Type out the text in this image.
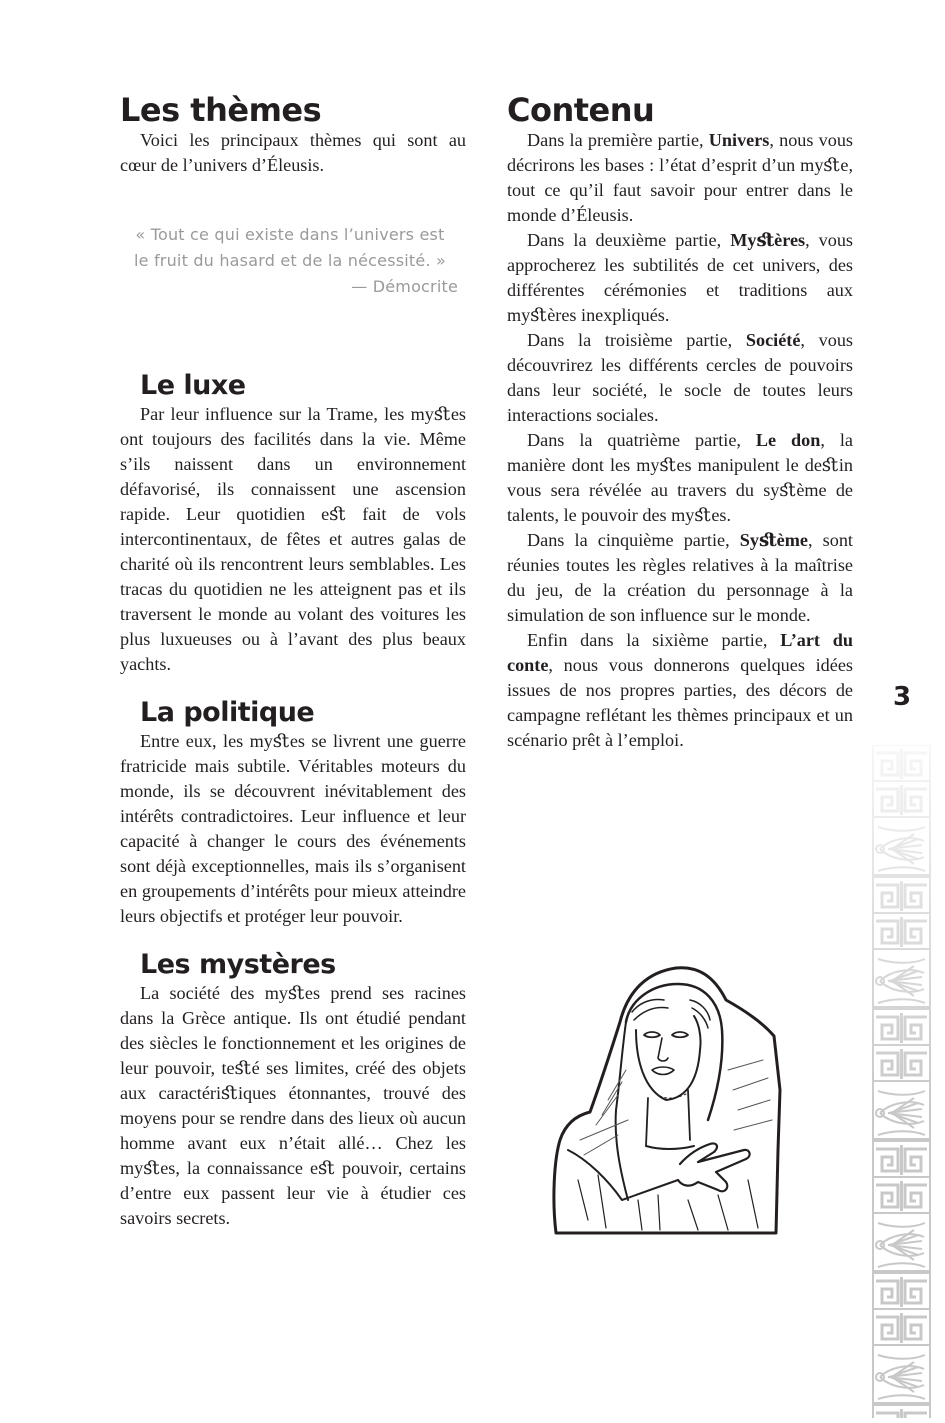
Les thèmes

Voici les principaux thèmes qui sont au cœur de l’univers d’Éleusis.

« Tout ce qui existe dans l’univers est le fruit du hasard et de la nécessité. »
— Démocrite
Le luxe

Par leur influence sur la Trame, les myﬆes ont toujours des facilités dans la vie. Même s’ils naissent dans un environnement défavorisé, ils connaissent une ascension rapide. Leur quotidien eﬆ fait de vols intercontinentaux, de fêtes et autres galas de charité où ils rencontrent leurs semblables. Les tracas du quotidien ne les atteignent pas et ils traversent le monde au volant des voitures les plus luxueuses ou à l’avant des plus beaux yachts.

La politique

Entre eux, les myﬆes se livrent une guerre fratricide mais subtile. Véritables moteurs du monde, ils se découvrent inévitablement des intérêts contradictoires. Leur influence et leur capacité à changer le cours des événements sont déjà exceptionnelles, mais ils s’organisent en groupements d’intérêts pour mieux atteindre leurs objectifs et protéger leur pouvoir.

Les mystères

La société des myﬆes prend ses racines dans la Grèce antique. Ils ont étudié pendant des siècles le fonctionnement et les origines de leur pouvoir, teﬆé ses limites, créé des objets aux caractériﬆiques étonnantes, trouvé des moyens pour se rendre dans des lieux où aucun homme avant eux n’était allé… Chez les myﬆes, la connaissance eﬆ pouvoir, certains d’entre eux passent leur vie à étudier ces savoirs secrets.

Contenu

Dans la première partie, Univers, nous vous décrirons les bases : l’état d’esprit d’un myﬆe, tout ce qu’il faut savoir pour entrer dans le monde d’Éleusis.

Dans la deuxième partie, Myﬆères, vous approcherez les subtilités de cet univers, des différentes cérémonies et traditions aux myﬆères inexpliqués.

Dans la troisième partie, Société, vous découvrirez les différents cercles de pouvoirs dans leur société, le socle de toutes leurs interactions sociales.

Dans la quatrième partie, Le don, la manière dont les myﬆes manipulent le deﬆin vous sera révélée au travers du syﬆème de talents, le pouvoir des myﬆes.

Dans la cinquième partie, Syﬆème, sont réunies toutes les règles relatives à la maîtrise du jeu, de la création du personnage à la simulation de son influence sur le monde.

Enfin dans la sixième partie, L’art du conte, nous vous donnerons quelques idées issues de nos propres parties, des décors de campagne reflétant les thèmes principaux et un scénario prêt à l’emploi.

3
